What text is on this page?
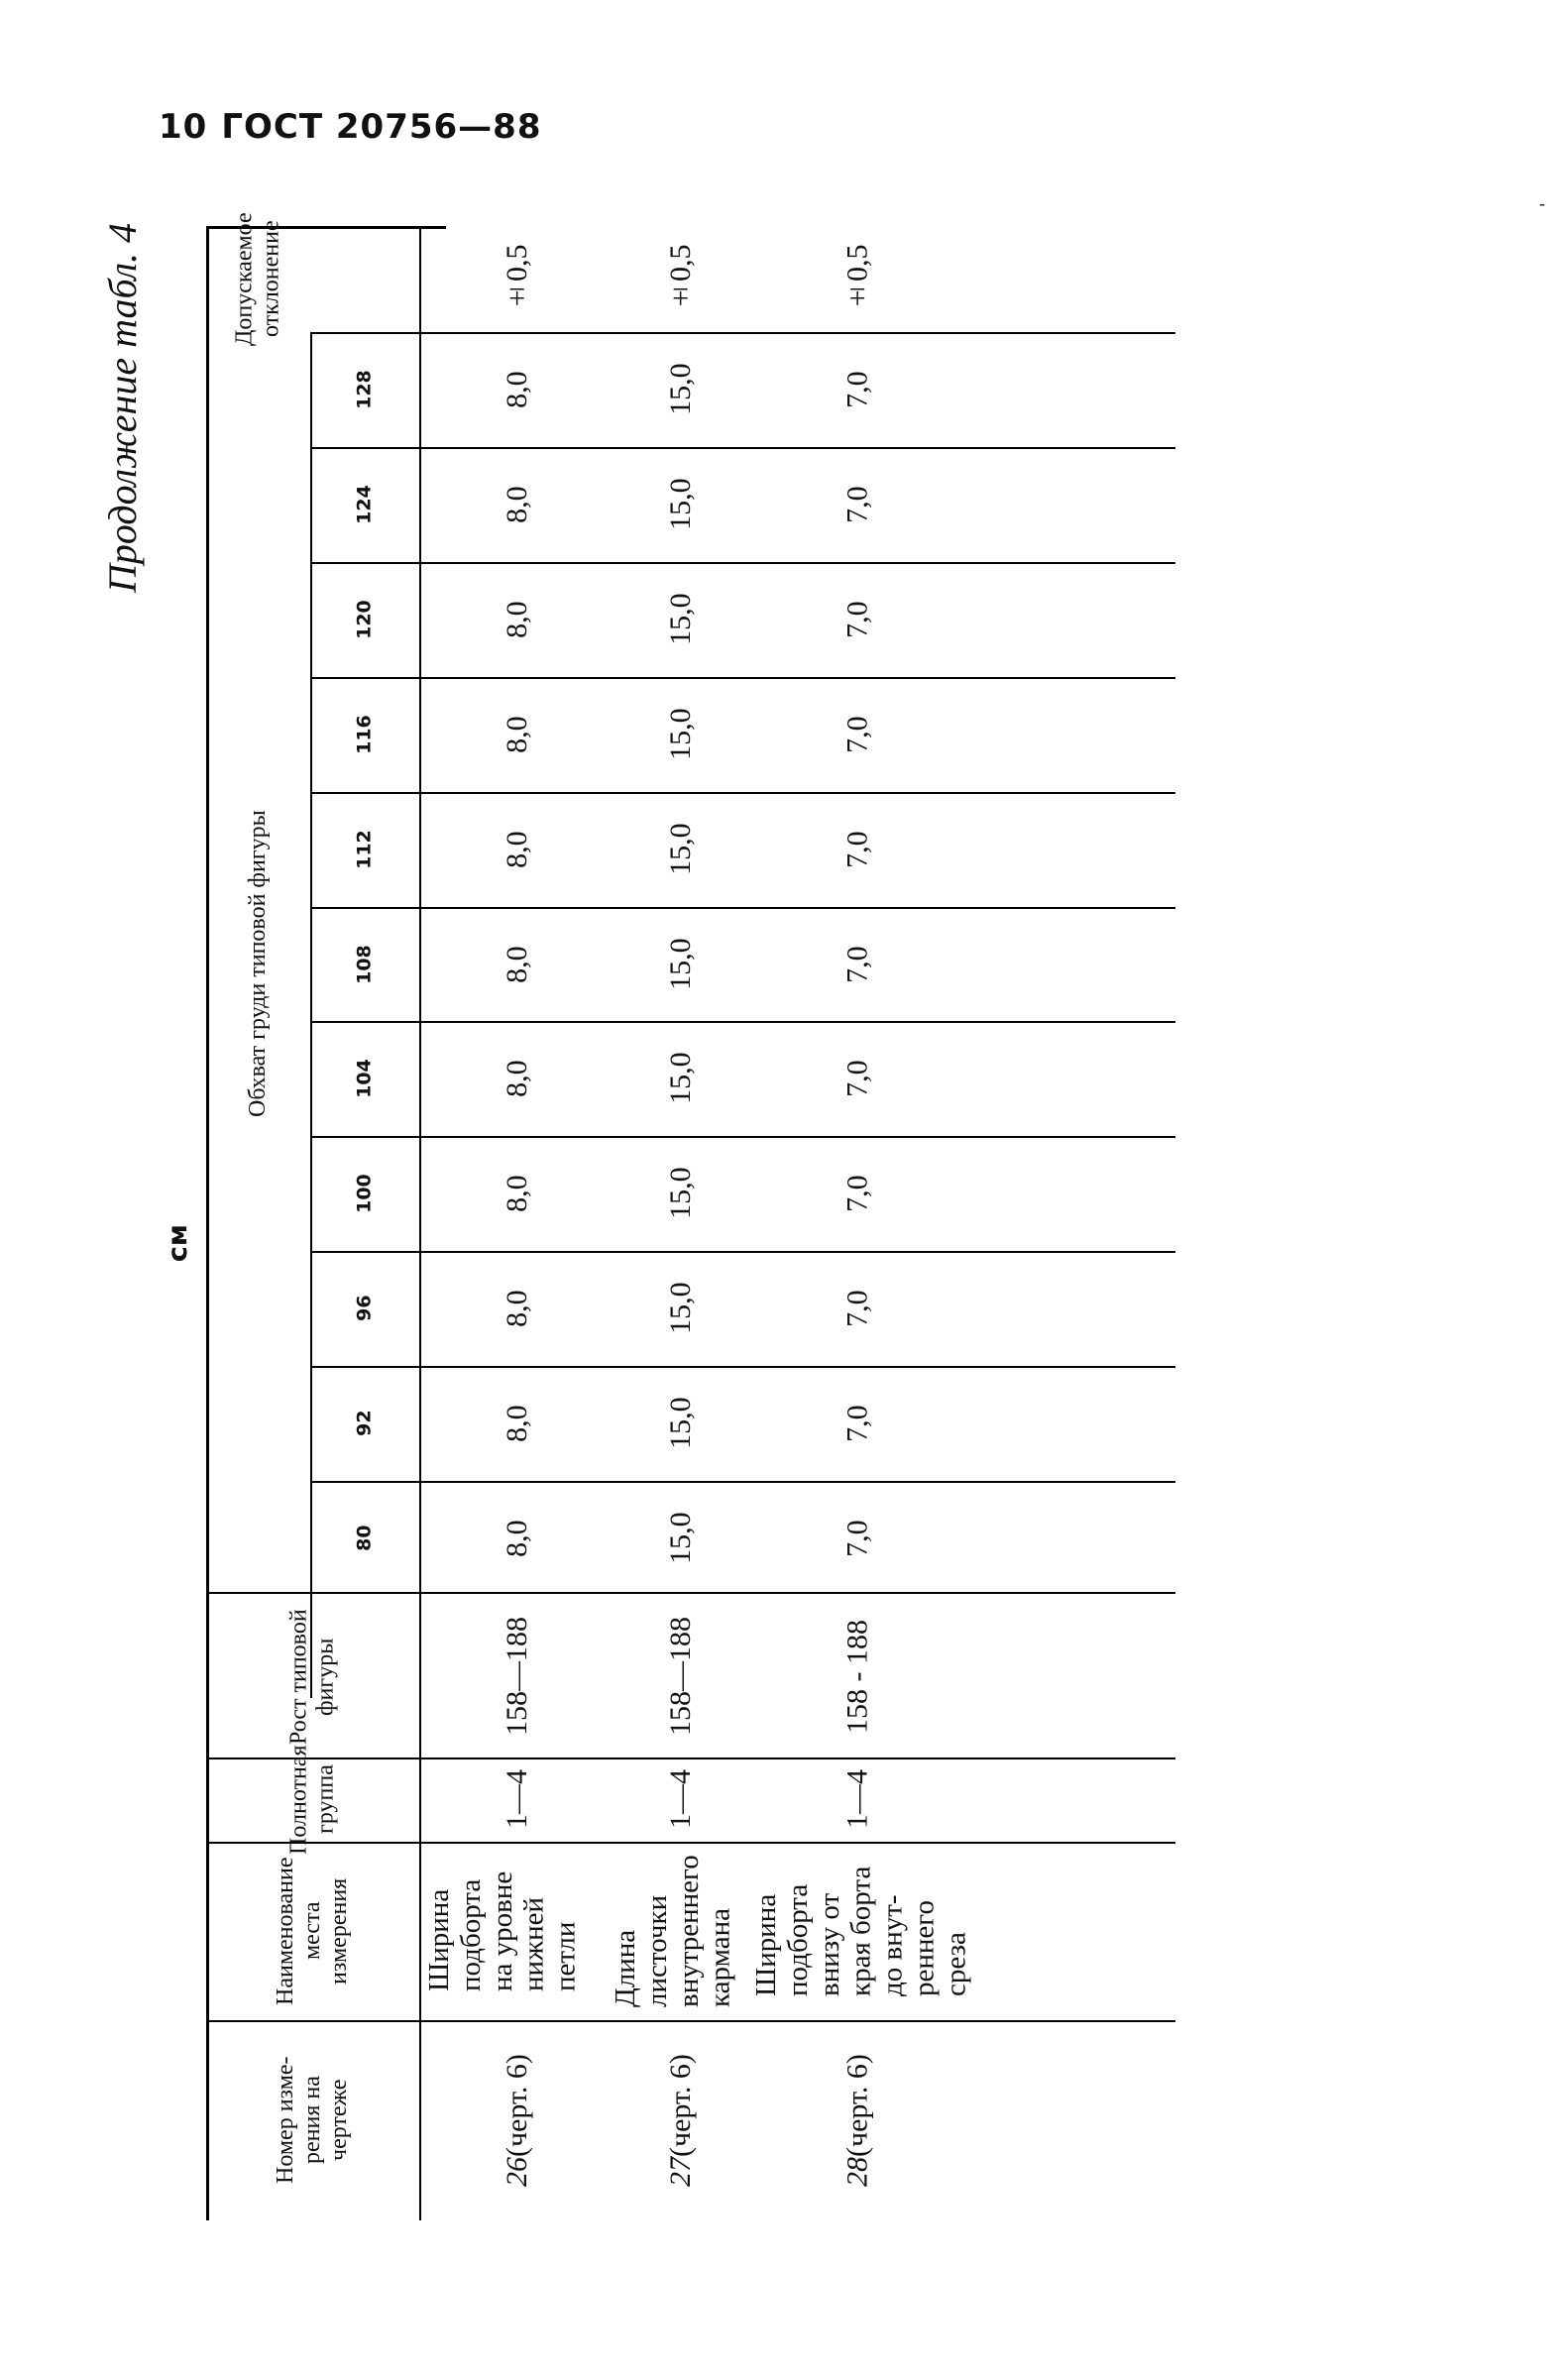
10 ГОСТ 20756—88
Продолжение табл. 4
см
-
Допускаемое
отклонение
Обхват груди типовой фигуры
Рост типовой
фигуры
Полнотная
группа
Наименование
места
измерения
Номер изме-
рения на
чертеже
80
92
96
100
104
108
112
116
120
124
128
±0,5
8,0
8,0
8,0
8,0
8,0
8,0
8,0
8,0
8,0
8,0
8,0
158—188
1—4
Ширина
подборта
на уровне
нижней
петли
26

(черт. 6)
±0,5
15,0
15,0
15,0
15,0
15,0
15,0
15,0
15,0
15,0
15,0
15,0
158—188
1—4
Длина
листочки
внутреннего
кармана
27

(черт. 6)
±0,5
7,0
7,0
7,0
7,0
7,0
7,0
7,0
7,0
7,0
7,0
7,0
158 - 188
1—4
Ширина
подборта
внизу от
края борта
до внут-
реннего
среза
28

(черт. 6)
